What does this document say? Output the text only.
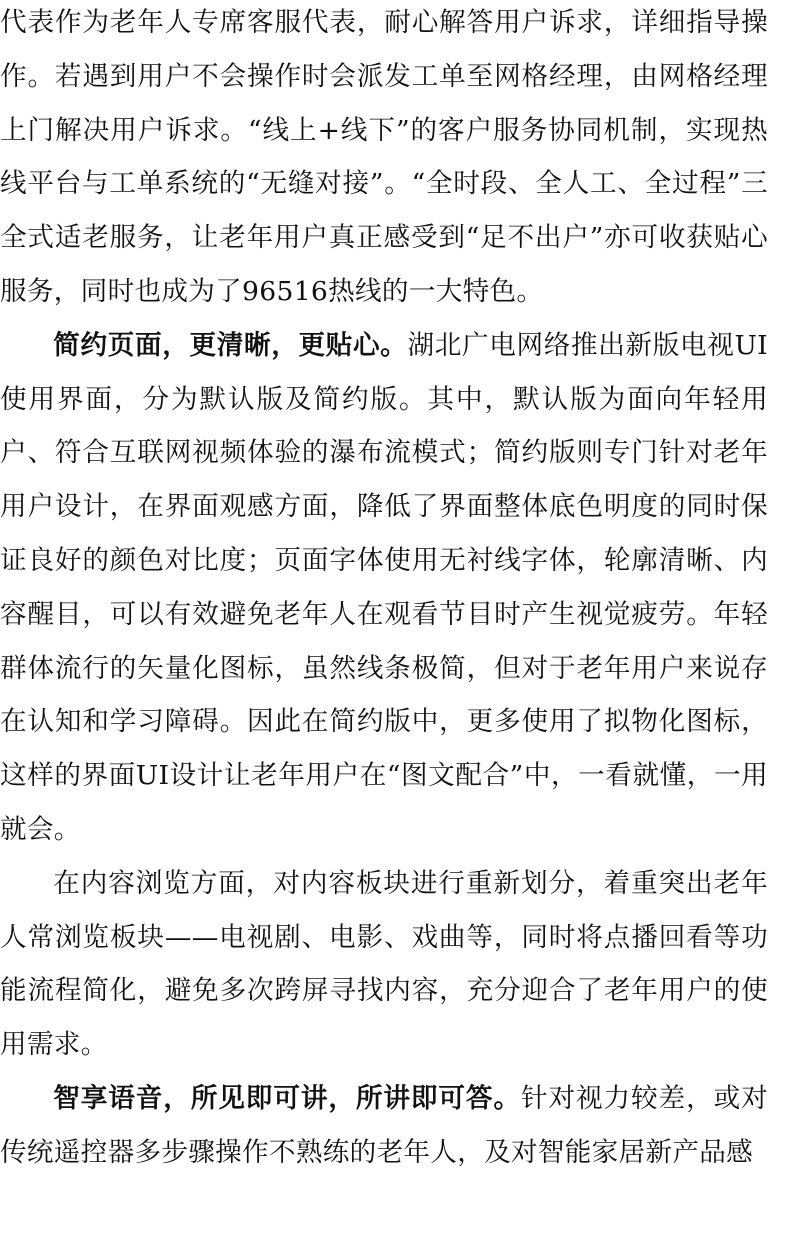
代表作为老年人专席客服代表，耐心解答用户诉求，详细指导操作。若遇到用户不会操作时会派发工单至网格经理，由网格经理上门解决用户诉求。“线上+线下”的客户服务协同机制，实现热线平台与工单系统的“无缝对接”。“全时段、全人工、全过程”三全式适老服务，让老年用户真正感受到“足不出户”亦可收获贴心服务，同时也成为了96516热线的一大特色。

简约页面，更清晰，更贴心。湖北广电网络推出新版电视UI使用界面，分为默认版及简约版。其中，默认版为面向年轻用户、符合互联网视频体验的瀑布流模式；简约版则专门针对老年用户设计，在界面观感方面，降低了界面整体底色明度的同时保证良好的颜色对比度；页面字体使用无衬线字体，轮廓清晰、内容醒目，可以有效避免老年人在观看节目时产生视觉疲劳。年轻群体流行的矢量化图标，虽然线条极简，但对于老年用户来说存在认知和学习障碍。因此在简约版中，更多使用了拟物化图标，这样的界面UI设计让老年用户在“图文配合”中，一看就懂，一用就会。

在内容浏览方面，对内容板块进行重新划分，着重突出老年人常浏览板块——电视剧、电影、戏曲等，同时将点播回看等功能流程简化，避免多次跨屏寻找内容，充分迎合了老年用户的使用需求。

智享语音，所见即可讲，所讲即可答。针对视力较差，或对传统遥控器多步骤操作不熟练的老年人，及对智能家居新产品感
